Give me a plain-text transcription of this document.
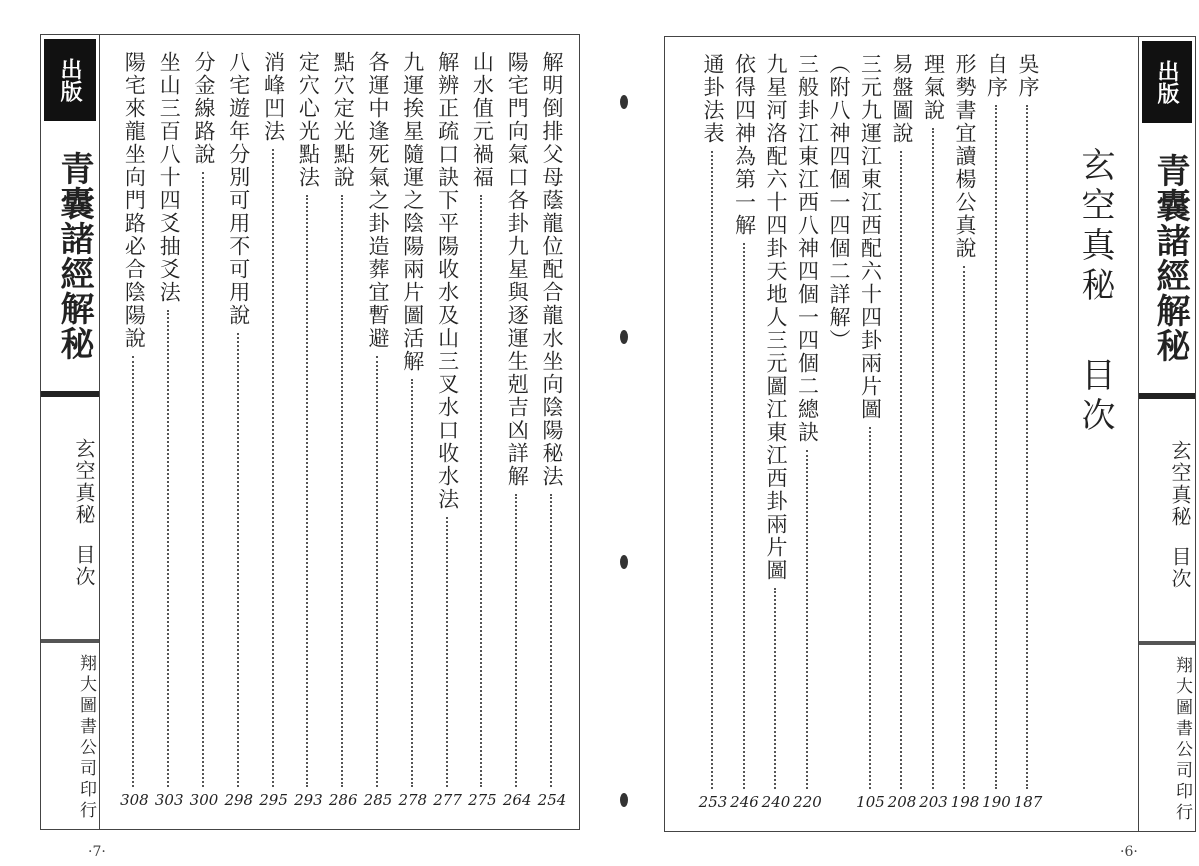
出版
青囊諸經解秘
玄空真秘
目次
翔大圖書公司印行
解明倒排父母蔭龍位配合龍水坐向陰陽秘法
254
陽宅門向氣口各卦九星與逐運生剋吉凶詳解
264
山水值元禍福
275
解辨正疏口訣下平陽收水及山三叉水口收水法
277
九運挨星隨運之陰陽兩片圖活解
278
各運中逢死氣之卦造葬宜暫避
285
點穴定光點說
286
定穴心光點法
293
消峰凹法
295
八宅遊年分別可用不可用說
298
分金線路說
300
坐山三百八十四爻抽爻法
303
陽宅來龍坐向門路必合陰陽說
308
·7·
吳序
187
自序
190
形勢書宜讀楊公真說
198
理氣說
203
易盤圖說
208
三元九運江東江西配六十四卦兩片圖
105
（附八神四個一四個二詳解）
三般卦江東江西八神四個一四個二總訣
220
九星河洛配六十四卦天地人三元圖江東江西卦兩片圖
240
依得四神為第一解
246
通卦法表
253
玄空真秘
目次
出版
青囊諸經解秘
玄空真秘
目次
翔大圖書公司印行
·6·
